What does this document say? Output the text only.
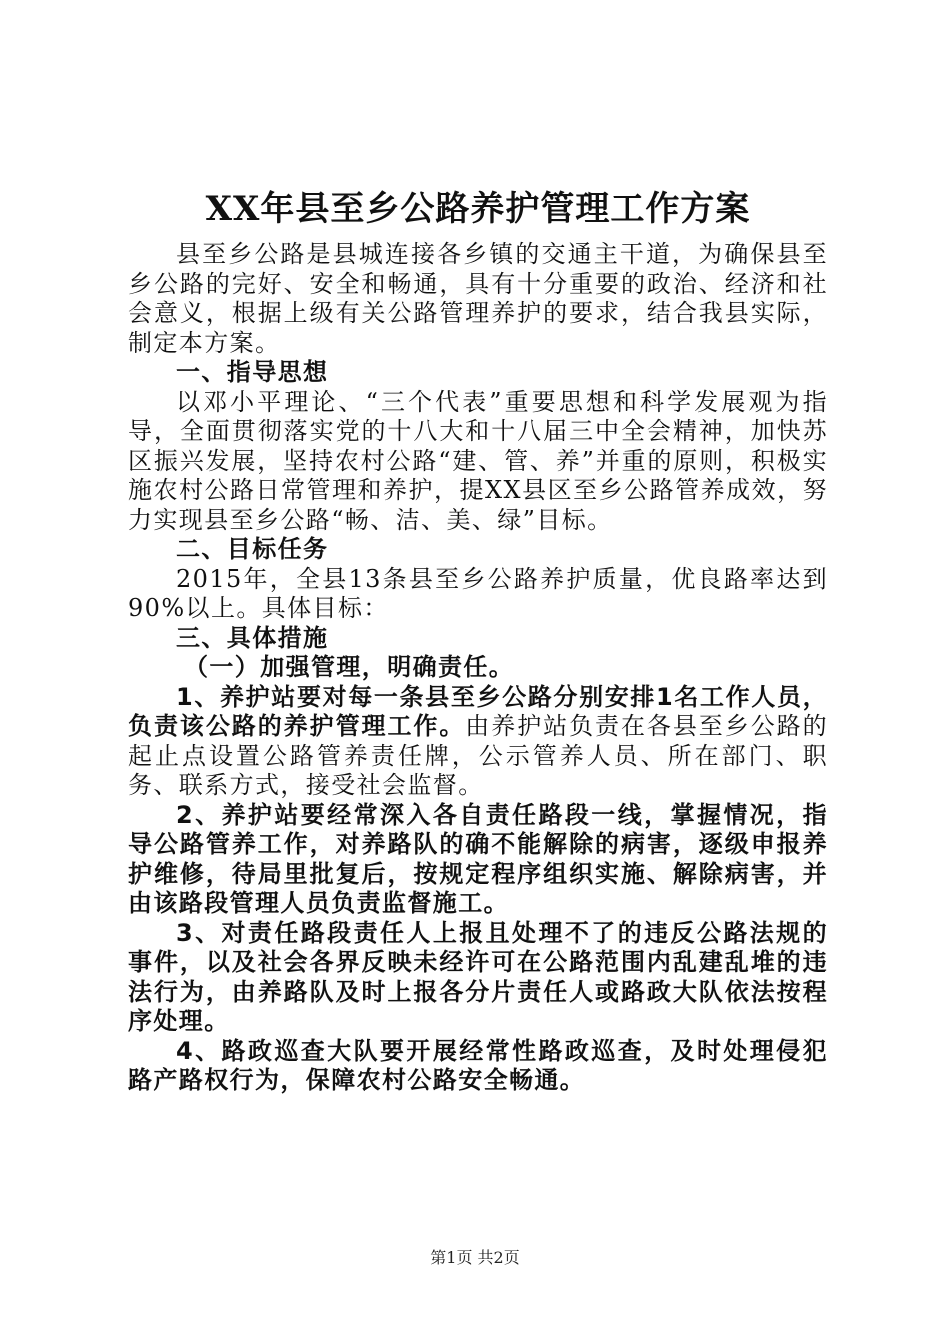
XX年县至乡公路养护管理工作方案

县至乡公路是县城连接各乡镇的交通主干道，为确保县至乡公路的完好、安全和畅通，具有十分重要的政治、经济和社会意义，根据上级有关公路管理养护的要求，结合我县实际，制定本方案。

一、指导思想

以邓小平理论、“三个代表”重要思想和科学发展观为指导，全面贯彻落实党的十八大和十八届三中全会精神，加快苏区振兴发展，坚持农村公路“建、管、养”并重的原则，积极实施农村公路日常管理和养护，提XX县区至乡公路管养成效，努力实现县至乡公路“畅、洁、美、绿”目标。

二、目标任务

2015年，全县13条县至乡公路养护质量，优良路率达到90%以上。具体目标：

三、具体措施

（一）加强管理，明确责任。

1、养护站要对每一条县至乡公路分别安排1名工作人员，负责该公路的养护管理工作。由养护站负责在各县至乡公路的起止点设置公路管养责任牌，公示管养人员、所在部门、职务、联系方式，接受社会监督。

2、养护站要经常深入各自责任路段一线，掌握情况，指导公路管养工作，对养路队的确不能解除的病害，逐级申报养护维修，待局里批复后，按规定程序组织实施、解除病害，并由该路段管理人员负责监督施工。

3、对责任路段责任人上报且处理不了的违反公路法规的事件，以及社会各界反映未经许可在公路范围内乱建乱堆的违法行为，由养路队及时上报各分片责任人或路政大队依法按程序处理。

4、路政巡查大队要开展经常性路政巡查，及时处理侵犯路产路权行为，保障农村公路安全畅通。

第1页 共2页
